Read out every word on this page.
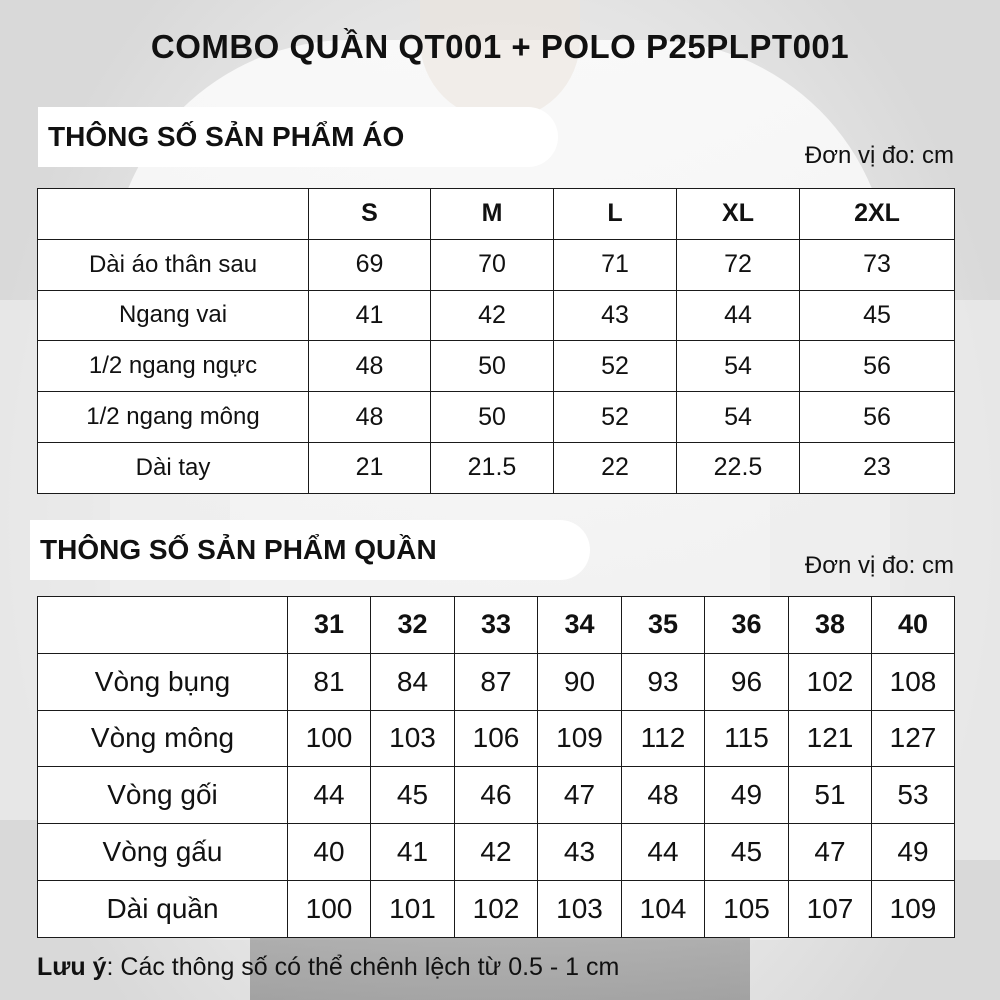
COMBO QUẦN QT001 + POLO P25PLPT001
THÔNG SỐ SẢN PHẨM ÁO
Đơn vị đo: cm
	S	M	L	XL	2XL
Dài áo thân sau	69	70	71	72	73
Ngang vai	41	42	43	44	45
1/2 ngang ngực	48	50	52	54	56
1/2 ngang mông	48	50	52	54	56
Dài tay	21	21.5	22	22.5	23
THÔNG SỐ SẢN PHẨM QUẦN
Đơn vị đo: cm
	31	32	33	34	35	36	38	40
Vòng bụng	81	84	87	90	93	96	102	108
Vòng mông	100	103	106	109	112	115	121	127
Vòng gối	44	45	46	47	48	49	51	53
Vòng gấu	40	41	42	43	44	45	47	49
Dài quần	100	101	102	103	104	105	107	109
Lưu ý: Các thông số có thể chênh lệch từ 0.5 - 1 cm
